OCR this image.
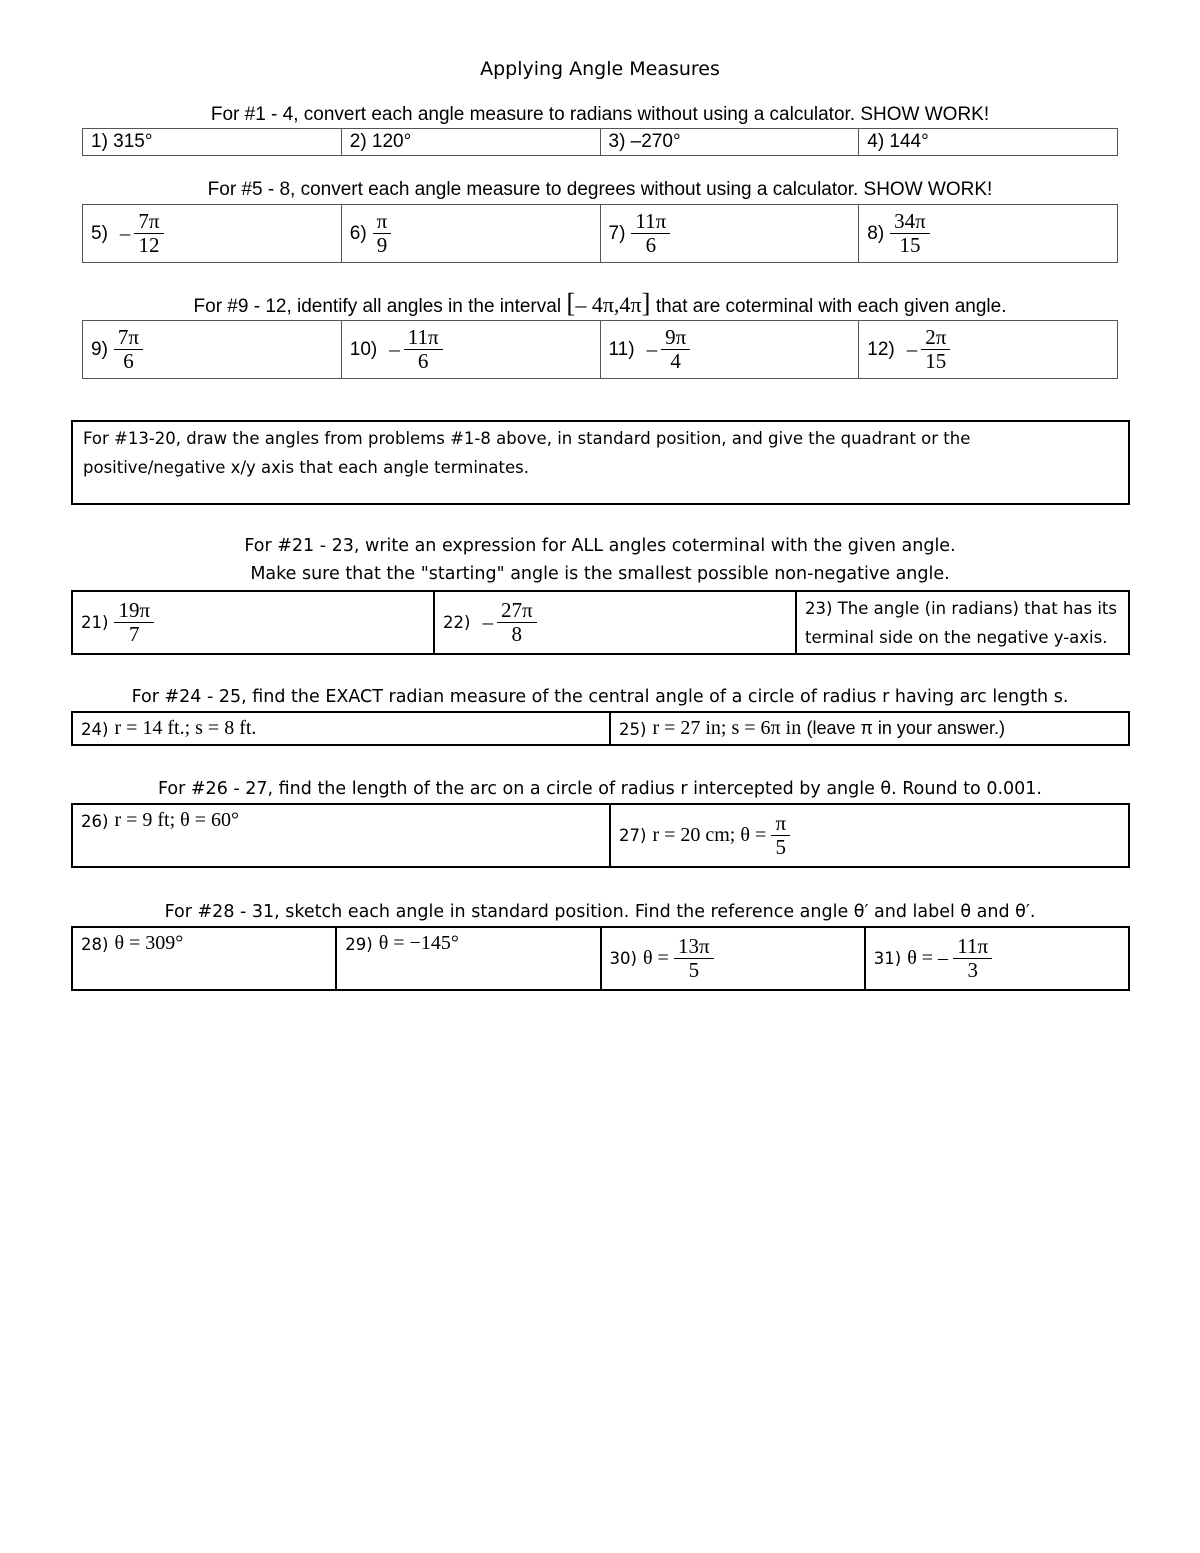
Applying Angle Measures
For #1 - 4, convert each angle measure to radians without using a calculator. SHOW WORK!
1) 315°	2) 120°	3) –270°	4) 144°
For #5 - 8, convert each angle measure to degrees without using a calculator. SHOW WORK!
$5) - \frac{7\pi}{12}$	$6) \frac{\pi}{9}$	$7) \frac{11\pi}{6}$	$8) \frac{34\pi}{15}$
For #9 - 12, identify all angles in the interval [– 4π,4π] that are coterminal with each given angle.
$9) \frac{7\pi}{6}$	$10) - \frac{11\pi}{6}$	$11) - \frac{9\pi}{4}$	$12) - \frac{2\pi}{15}$
For #13-20, draw the angles from problems #1-8 above, in standard position, and give the quadrant or the positive/negative x/y axis that each angle terminates.
For #21 - 23, write an expression for ALL angles coterminal with the given angle.
Make sure that the "starting" angle is the smallest possible non-negative angle.
$21) \frac{19\pi}{7}$	$22) - \frac{27\pi}{8}$	23) The angle (in radians) that has its terminal side on the negative y-axis.
For #24 - 25, find the EXACT radian measure of the central angle of a circle of radius r having arc length s.
24) r = 14 ft.; s = 8 ft.	25) r = 27 in; s = 6π in (leave π in your answer.)
For #26 - 27, find the length of the arc on a circle of radius r intercepted by angle θ. Round to 0.001.
26) r = 9 ft; θ = 60°	27) r = 20 cm; $\theta = \frac{\pi}{5}$
For #28 - 31, sketch each angle in standard position. Find the reference angle θ′ and label θ and θ′.
28) θ = 309°	29) θ = −145°	30) $\theta = \frac{13\pi}{5}$	31) θ = – $\frac{11\pi}{3}$
